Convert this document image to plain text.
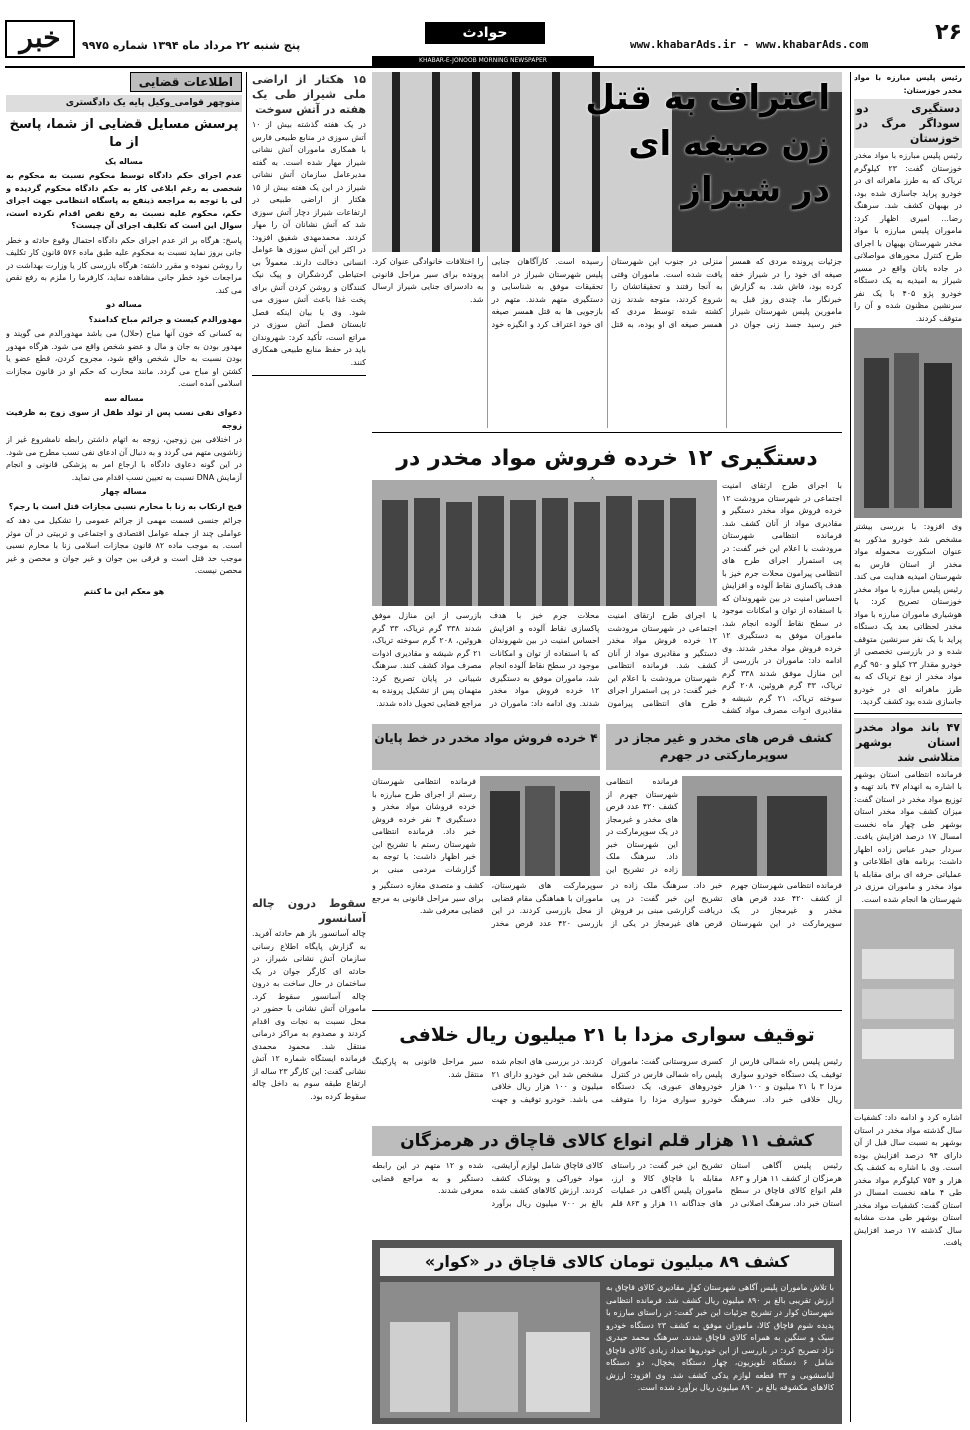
۲۶
www.khabarAds.ir - www.khabarAds.com
حوادث
KHABAR-E-JONOOB MORNING NEWSPAPER
پنج شنبه ۲۲ مرداد ماه ۱۳۹۴ شماره ۹۹۷۵
خبر

رئیس پلیس مبارزه با مواد مخدر خوزستان:

دستگیری دو سوداگر مرگ در خوزستان

رئیس پلیس مبارزه با مواد مخدر خوزستان گفت: ۲۳ کیلوگرم تریاک که به طرز ماهرانه ای در خودرو پراید جاسازی شده بود، در بهبهان کشف شد. سرهنگ رضا... امیری اظهار کرد: ماموران پلیس مبارزه با مواد مخدر شهرستان بهبهان با اجرای طرح کنترل محورهای مواصلاتی در جاده یاتان واقع در مسیر شیراز به امیدیه به یک دستگاه خودرو پژو ۴۰۵ با یک نفر سرنشین مظنون شده و آن را متوقف کردند.

وی افزود: با بررسی بیشتر مشخص شد خودرو مذکور به عنوان اسکورت محموله مواد مخدر از استان فارس به شهرستان امیدیه هدایت می کند. رئیس پلیس مبارزه با مواد مخدر خوزستان تصریح کرد: با هوشیاری ماموران مبارزه با مواد مخدر لحظاتی بعد یک دستگاه پراید با یک نفر سرنشین متوقف شده و در بازرسی تخصصی از خودرو مقدار ۲۳ کیلو و ۹۵۰ گرم مواد مخدر از نوع تریاک که به طرز ماهرانه ای در خودرو جاسازی شده بود کشف گردید.

۴۷ باند مواد مخدر استان بوشهر متلاشی شد

فرمانده انتظامی استان بوشهر با اشاره به انهدام ۴۷ باند تهیه و توزیع مواد مخدر در استان گفت: میزان کشف مواد مخدر استان بوشهر طی چهار ماه نخست امسال ۱۷ درصد افزایش یافت. سردار حیدر عباس زاده اظهار داشت: برنامه های اطلاعاتی و عملیاتی حرفه ای برای مقابله با مواد مخدر و ماموران مرزی در شهرستان ها انجام شده است.

اشاره کرد و ادامه داد: کشفیات سال گذشته مواد مخدر در استان بوشهر به نسبت سال قبل از آن دارای ۹۴ درصد افزایش بوده است. وی با اشاره به کشف یک هزار و ۷۵۴ کیلوگرم مواد مخدر طی ۴ ماهه نخست امسال در استان گفت: کشفیات مواد مخدر استان بوشهر طی مدت مشابه سال گذشته ۱۷ درصد افزایش یافت.

اعتراف به قتل
زن صیغه ای
در شیراز
جزئیات پرونده مردی که همسر صیغه ای خود را در شیراز خفه کرده بود، فاش شد. به گزارش خبرنگار ما، چندی روز قبل یه مامورین پلیس شهرستان شیراز خبر رسید جسد زنی جوان در منزلی در جنوب این شهرستان یافت شده است. ماموران وقتی به آنجا رفتند و تحقیقاتشان را شروع کردند، متوجه شدند زن کشته شده توسط مردی که همسر صیغه ای او بوده، به قتل رسیده است. کارآگاهان جنایی پلیس شهرستان شیراز در ادامه تحقیقات موفق به شناسایی و دستگیری متهم شدند. متهم در بازجویی ها به قتل همسر صیغه ای خود اعتراف کرد و انگیزه خود را اختلافات خانوادگی عنوان کرد. پرونده برای سیر مراحل قانونی به دادسرای جنایی شیراز ارسال شد.

۱۵ هکتار از اراضی ملی شیراز طی یک هفته در آتش سوخت

در یک هفته گذشته بیش از ۱۰ آتش سوزی در منابع طبیعی فارس با همکاری ماموران آتش نشانی شیراز مهار شده است. به گفته مدیرعامل سازمان آتش نشانی شیراز در این یک هفته بیش از ۱۵ هکتار از اراضی طبیعی در ارتفاعات شیراز دچار آتش سوزی شد که آتش نشانان آن را مهار کردند. محمدمهدی شفیق افزود: در اکثر این آتش سوزی ها عوامل انسانی دخالت دارند. معمولاً بی احتیاطی گردشگران و پیک نیک کنندگان و روشن کردن آتش برای پخت غذا باعث آتش سوزی می شود. وی با بیان اینکه فصل تابستان فصل آتش سوزی در مراتع است، تأکید کرد: شهروندان باید در حفظ منابع طبیعی همکاری کنند.

سقوط درون چاله آسانسور

چاله آسانسور باز هم حادثه آفرید. به گزارش پایگاه اطلاع رسانی سازمان آتش نشانی شیراز، در حادثه ای کارگر جوان در یک ساختمان در حال ساخت به درون چاله آسانسور سقوط کرد. ماموران آتش نشانی با حضور در محل نسبت به نجات وی اقدام کردند و مصدوم به مراکز درمانی منتقل شد. محمود محمدی فرمانده ایستگاه شماره ۱۲ آتش نشانی گفت: این کارگر ۲۳ ساله از ارتفاع طبقه سوم به داخل چاله سقوط کرده بود.

اطلاعات قضایی

منوچهر قوامی_وکیل پایه یک دادگستری

پرسش مسایل قضایی از شما، پاسخ از ما

مساله یک

عدم اجرای حکم دادگاه توسط محکوم نسبت به محکوم به شخصی به رغم ابلاغی کار به حکم دادگاه محکوم گردیده و لی با توجه به مراجعه ذینفع به پاسگاه انتظامی جهت اجرای حکم، محکوم علیه نسبت به رفع نقص اقدام نکرده است، سوال این است که تکلیف اجرای آن چیست؟

پاسخ: هرگاه بر اثر عدم اجرای حکم دادگاه احتمال وقوع حادثه و خطر جانی بروز نماید نسبت به محکوم علیه طبق ماده ۵۷۶ قانون کار تکلیف را روشن نموده و مقرر داشته: هرگاه بازرسی کار یا وزارت بهداشت در مراجعات خود خطر جانی مشاهده نماید، کارفرما را ملزم به رفع نقص می کند.

مساله دو

مهدورالدم کیست و جرائم مباح کدامند؟

به کسانی که خون آنها مباح (حلال) می باشد مهدورالدم می گویند و مهدور بودن به جان و مال و عضو شخص واقع می شود. هرگاه مهدور بودن نسبت به حال شخص واقع شود، مجروح کردن، قطع عضو یا کشتن او مباح می گردد. مانند محارب که حکم او در قانون مجازات اسلامی آمده است.

مساله سه

دعوای نفی نسب پس از تولد طفل از سوی زوج به ظرفیت زوجه

در اختلافی بین زوجین، زوجه به اتهام داشتن رابطه نامشروع غیر از زناشویی متهم می گردد و به دنبال آن ادعای نفی نسب مطرح می شود. در این گونه دعاوی دادگاه با ارجاع امر به پزشکی قانونی و انجام آزمایش DNA نسبت به تعیین نسب اقدام می نماید.

مساله چهار

قبح ارتکاب به زنا با محارم نسبی مجازات قتل است یا رجم؟

جرائم جنسی قسمت مهمی از جرائم عمومی را تشکیل می دهد که عواملی چند از جمله عوامل اقتصادی و اجتماعی و تربیتی در آن موثر است. به موجب ماده ۸۲ قانون مجازات اسلامی زنا با محارم نسبی موجب حد قتل است و فرقی بین جوان و غیر جوان و محصن و غیر محصن نیست.

هو معکم این ما کنتم

دستگیری ۱۲ خرده فروش مواد مخدر در
با اجرای طرح ارتقای امنیت اجتماعی در شهرستان مرودشت ۱۲ خرده فروش مواد مخدر دستگیر و مقادیری مواد از آنان کشف شد. فرمانده انتظامی شهرستان مرودشت با اعلام این خبر گفت: در پی استمرار اجرای طرح های انتظامی پیرامون محلات جرم خیز با هدف پاکسازی نقاط آلوده و افزایش احساس امنیت در بین شهروندان که با استفاده از توان و امکانات موجود در سطح نقاط آلوده انجام شد، ماموران موفق به دستگیری ۱۲ خرده فروش مواد مخدر شدند. وی ادامه داد: ماموران در بازرسی از این منازل موفق شدند ۳۳۸ گرم تریاک، ۳۳ گرم هروئین، ۲۰۸ گرم سوخته تریاک، ۲۱ گرم شیشه و مقادیری ادوات مصرف مواد کشف
با اجرای طرح ارتقای امنیت اجتماعی در شهرستان مرودشت ۱۲ خرده فروش مواد مخدر دستگیر و مقادیری مواد از آنان کشف شد. فرمانده انتظامی شهرستان مرودشت با اعلام این خبر گفت: در پی استمرار اجرای طرح های انتظامی پیرامون محلات جرم خیز با هدف پاکسازی نقاط آلوده و افزایش احساس امنیت در بین شهروندان که با استفاده از توان و امکانات موجود در سطح نقاط آلوده انجام شد، ماموران موفق به دستگیری ۱۲ خرده فروش مواد مخدر شدند. وی ادامه داد: ماموران در بازرسی از این منازل موفق شدند ۳۳۸ گرم تریاک، ۳۳ گرم هروئین، ۲۰۸ گرم سوخته تریاک، ۲۱ گرم شیشه و مقادیری ادوات مصرف مواد کشف کنند. سرهنگ شیبانی در پایان تصریح کرد: متهمان پس از تشکیل پرونده به مراجع قضایی تحویل داده شدند.
۴ خرده فروش مواد مخدر در خط پایان	کشف قرص های مخدر و غیر مجاز در سوپرمارکتی در جهرم
فرمانده انتظامی شهرستان رستم از اجرای طرح مبارزه با خرده فروشان مواد مخدر و دستگیری ۴ نفر خرده فروش خبر داد. فرمانده انتظامی شهرستان رستم با تشریح این خبر اظهار داشت: با توجه به گزارشات مردمی مبنی بر
فرمانده انتظامی شهرستان جهرم از کشف ۴۲۰ عدد قرص های مخدر و غیرمجاز در یک سوپرمارکت در این شهرستان خبر داد. سرهنگ ملک زاده در تشریح این
فرمانده انتظامی شهرستان جهرم از کشف ۴۲۰ عدد قرص های مخدر و غیرمجاز در یک سوپرمارکت در این شهرستان خبر داد. سرهنگ ملک زاده در تشریح این خبر گفت: در پی دریافت گزارشی مبنی بر فروش قرص های غیرمجاز در یکی از سوپرمارکت های شهرستان، ماموران با هماهنگی مقام قضایی از محل بازرسی کردند. در این بازرسی ۴۲۰ عدد قرص مخدر کشف و متصدی مغازه دستگیر و برای سیر مراحل قانونی به مرجع قضایی معرفی شد.
توقیف سواری مزدا با ۲۱ میلیون ریال خلافی
رئیس پلیس راه شمالی فارس از توقیف یک دستگاه خودرو سواری مزدا ۳ با ۲۱ میلیون و ۱۰۰ هزار ریال خلافی خبر داد. سرهنگ کسری سروستانی گفت: ماموران پلیس راه شمالی فارس در کنترل خودروهای عبوری، یک دستگاه خودرو سواری مزدا را متوقف کردند. در بررسی های انجام شده مشخص شد این خودرو دارای ۲۱ میلیون و ۱۰۰ هزار ریال خلافی می باشد. خودرو توقیف و جهت سیر مراحل قانونی به پارکینگ منتقل شد.
کشف ۱۱ هزار قلم انواع کالای قاچاق در هرمزگان
رئیس پلیس آگاهی استان هرمزگان از کشف ۱۱ هزار و ۸۶۳ قلم انواع کالای قاچاق در سطح استان خبر داد. سرهنگ اصلانی در تشریح این خبر گفت: در راستای مقابله با قاچاق کالا و ارز، ماموران پلیس آگاهی در عملیات های جداگانه ۱۱ هزار و ۸۶۳ قلم کالای قاچاق شامل لوازم آرایشی، مواد خوراکی و پوشاک کشف کردند. ارزش کالاهای کشف شده بالغ بر ۷۰۰ میلیون ریال برآورد شده و ۱۲ متهم در این رابطه دستگیر و به مراجع قضایی معرفی شدند.
کشف ۸۹ میلیون تومان کالای قاچاق در «کوار»
با تلاش ماموران پلیس آگاهی شهرستان کوار مقادیری کالای قاچاق به ارزش تقریبی بالغ بر ۸۹۰ میلیون ریال کشف شد. فرمانده انتظامی شهرستان کوار در تشریح جزئیات این خبر گفت: در راستای مبارزه با پدیده شوم قاچاق کالا، ماموران موفق به کشف ۲۳ دستگاه خودرو سبک و سنگین به همراه کالای قاچاق شدند. سرهنگ محمد حیدری نژاد تصریح کرد: در بازرسی از این خودروها تعداد زیادی کالای قاچاق شامل ۶ دستگاه تلویزیون، چهار دستگاه یخچال، دو دستگاه لباسشویی و ۳۳ قطعه لوازم یدکی کشف شد. وی افزود: ارزش کالاهای مکشوفه بالغ بر ۸۹۰ میلیون ریال برآورد شده است.
